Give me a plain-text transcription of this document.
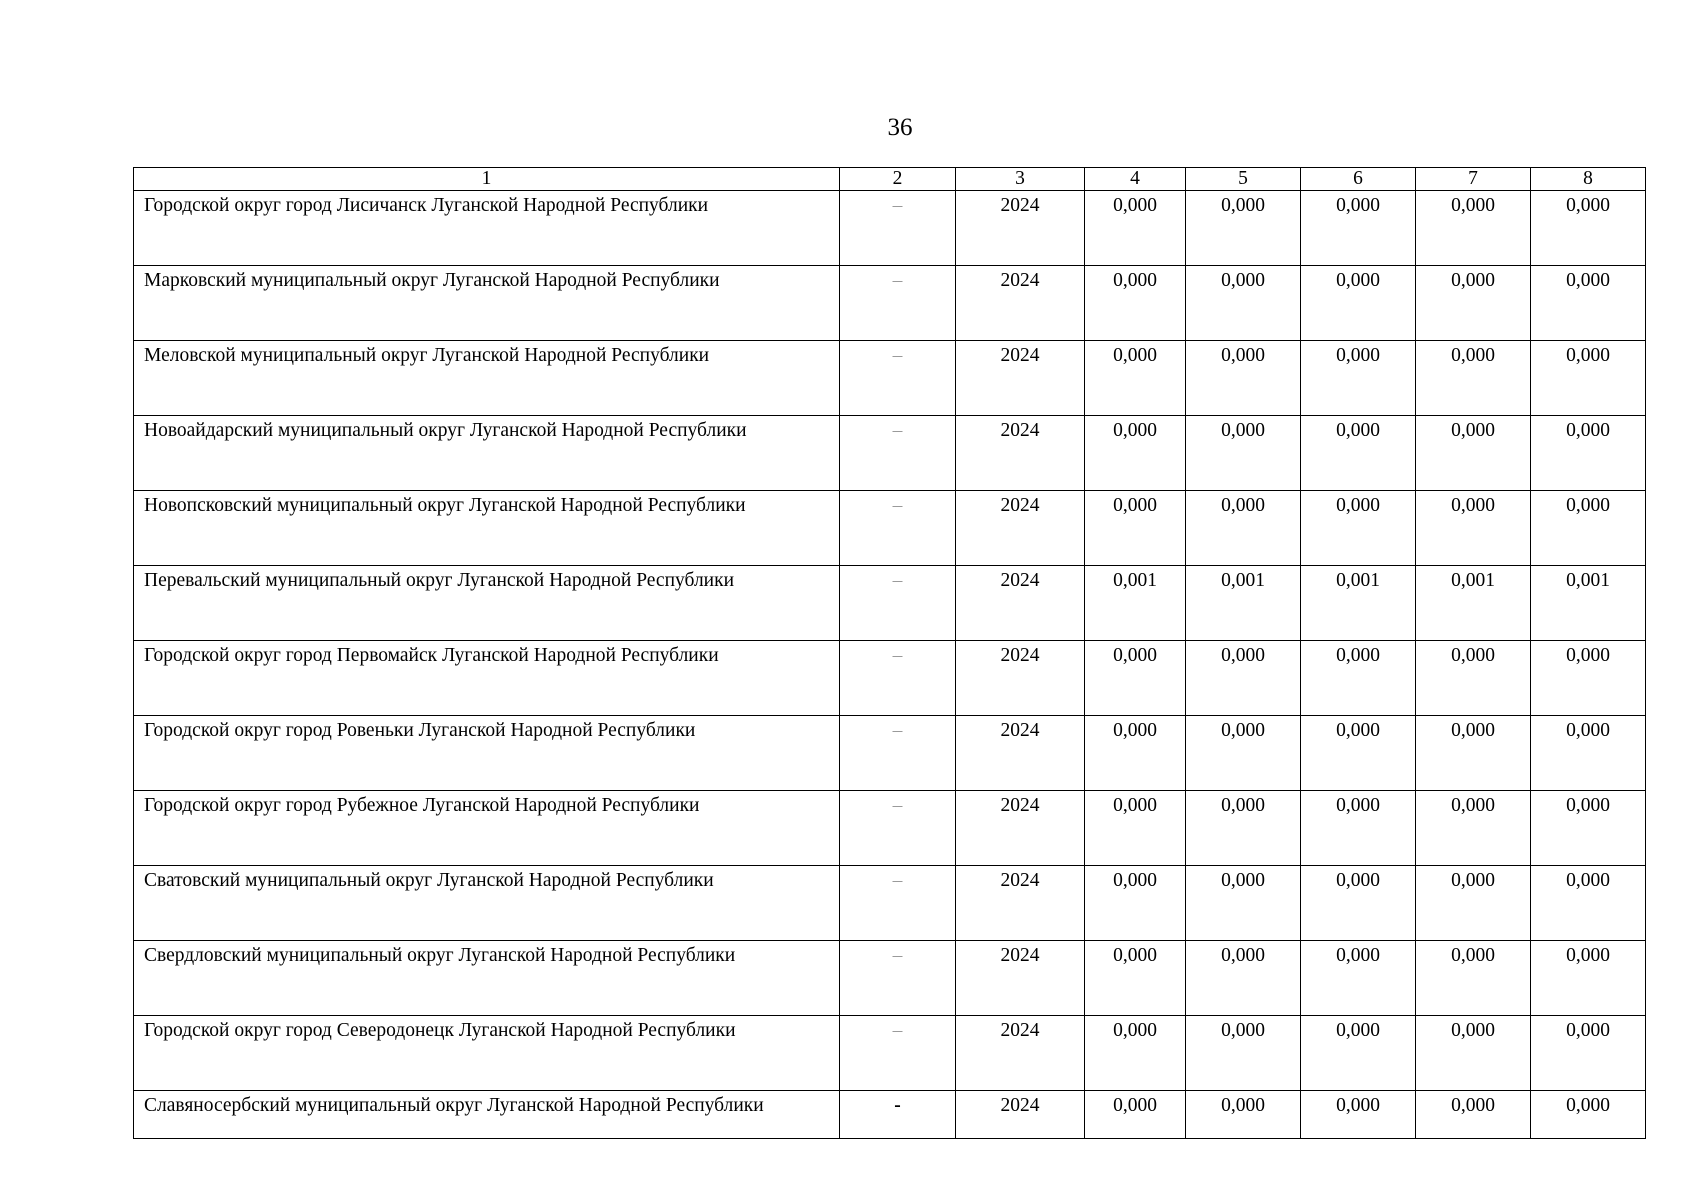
36
1	2	3	4	5	6	7	8
Городской округ город Лисичанск Луганской Народной Республики	–	2024	0,000	0,000	0,000	0,000	0,000
Марковский муниципальный округ Луганской Народной Республики	–	2024	0,000	0,000	0,000	0,000	0,000
Меловской муниципальный округ Луганской Народной Республики	–	2024	0,000	0,000	0,000	0,000	0,000
Новоайдарский муниципальный округ Луганской Народной Республики	–	2024	0,000	0,000	0,000	0,000	0,000
Новопсковский муниципальный округ Луганской Народной Республики	–	2024	0,000	0,000	0,000	0,000	0,000
Перевальский муниципальный округ Луганской Народной Республики	–	2024	0,001	0,001	0,001	0,001	0,001
Городской округ город Первомайск Луганской Народной Республики	–	2024	0,000	0,000	0,000	0,000	0,000
Городской округ город Ровеньки Луганской Народной Республики	–	2024	0,000	0,000	0,000	0,000	0,000
Городской округ город Рубежное Луганской Народной Республики	–	2024	0,000	0,000	0,000	0,000	0,000
Сватовский муниципальный округ Луганской Народной Республики	–	2024	0,000	0,000	0,000	0,000	0,000
Свердловский муниципальный округ Луганской Народной Республики	–	2024	0,000	0,000	0,000	0,000	0,000
Городской округ город Северодонецк Луганской Народной Республики	–	2024	0,000	0,000	0,000	0,000	0,000
Славяносербский муниципальный округ Луганской Народной Республики	-	2024	0,000	0,000	0,000	0,000	0,000
